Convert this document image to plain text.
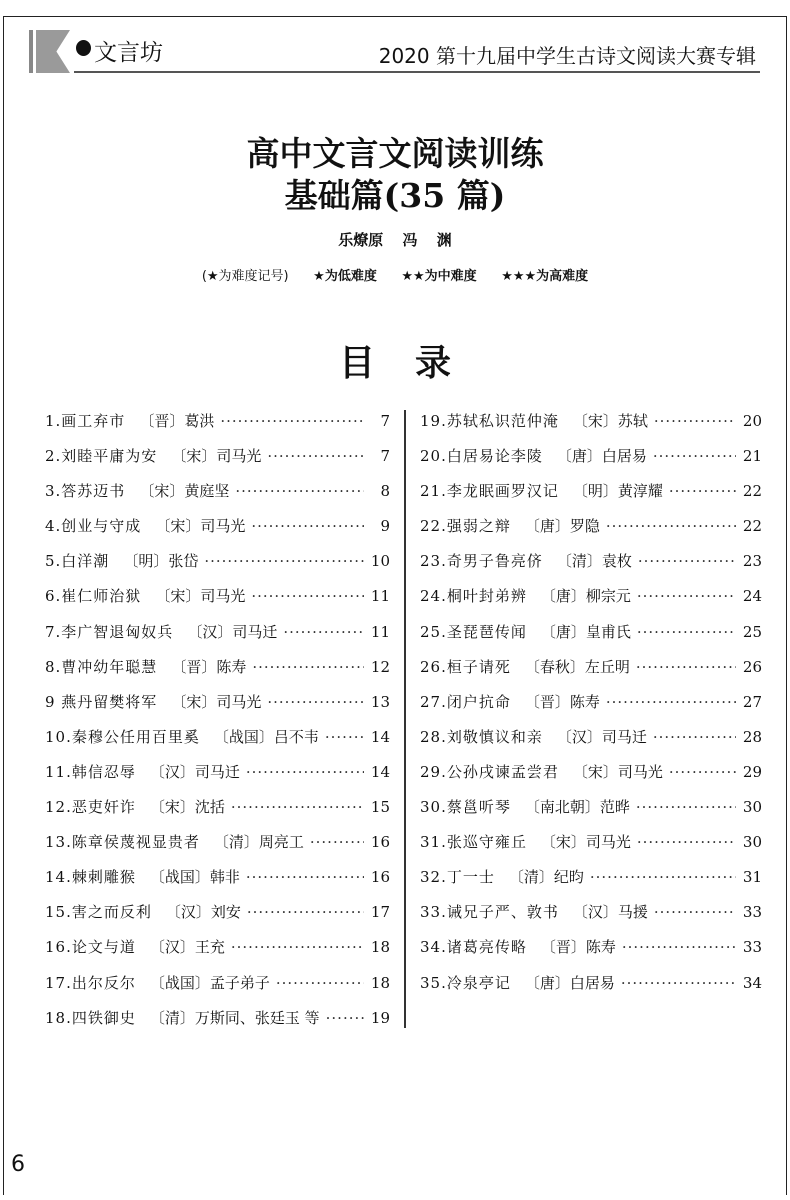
文言坊	2020 第十九届中学生古诗文阅读大赛专辑
高中文言文阅读训练
基础篇(35 篇)
乐燎原 冯 渊
(★为难度记号) ★为低难度 ★★为中难度 ★★★为高难度
目录
1.画工弃市 〔晋〕葛洪 ·····	7
2.刘睦平庸为安 〔宋〕司马光 ·····	7
3.答苏迈书 〔宋〕黄庭坚 ·····	8
4.创业与守成 〔宋〕司马光 ·····	9
5.白洋潮 〔明〕张岱 ·····	10
6.崔仁师治狱 〔宋〕司马光 ·····	11
7.李广智退匈奴兵 〔汉〕司马迁 ·····	11
8.曹冲幼年聪慧 〔晋〕陈寿 ·····	12
9 燕丹留樊将军 〔宋〕司马光 ·····	13
10.秦穆公任用百里奚 〔战国〕吕不韦 ·····	14
11.韩信忍辱 〔汉〕司马迁 ·····	14
12.恶吏奸诈 〔宋〕沈括 ·····	15
13.陈章侯蔑视显贵者 〔清〕周亮工 ·····	16
14.棘刺雕猴 〔战国〕韩非 ·····	16
15.害之而反利 〔汉〕刘安 ·····	17
16.论文与道 〔汉〕王充 ·····	18
17.出尔反尔 〔战国〕孟子弟子 ·····	18
18.四铁御史 〔清〕万斯同、张廷玉 等 ·····	19
19.苏轼私识范仲淹 〔宋〕苏轼 ·····	20
20.白居易论李陵 〔唐〕白居易 ·····	21
21.李龙眠画罗汉记 〔明〕黄淳耀 ·····	22
22.强弱之辩 〔唐〕罗隐 ·····	22
23.奇男子鲁亮侪 〔清〕袁枚 ·····	23
24.桐叶封弟辨 〔唐〕柳宗元 ·····	24
25.圣琵琶传闻 〔唐〕皇甫氏 ·····	25
26.桓子请死 〔春秋〕左丘明 ·····	26
27.闭户抗命 〔晋〕陈寿 ·····	27
28.刘敬慎议和亲 〔汉〕司马迁 ·····	28
29.公孙戌谏孟尝君 〔宋〕司马光 ·····	29
30.蔡邕听琴 〔南北朝〕范晔 ·····	30
31.张巡守雍丘 〔宋〕司马光 ·····	30
32.丁一士 〔清〕纪昀 ·····	31
33.诫兄子严、敦书 〔汉〕马援 ·····	33
34.诸葛亮传略 〔晋〕陈寿 ·····	33
35.冷泉亭记 〔唐〕白居易 ·····	34
6
